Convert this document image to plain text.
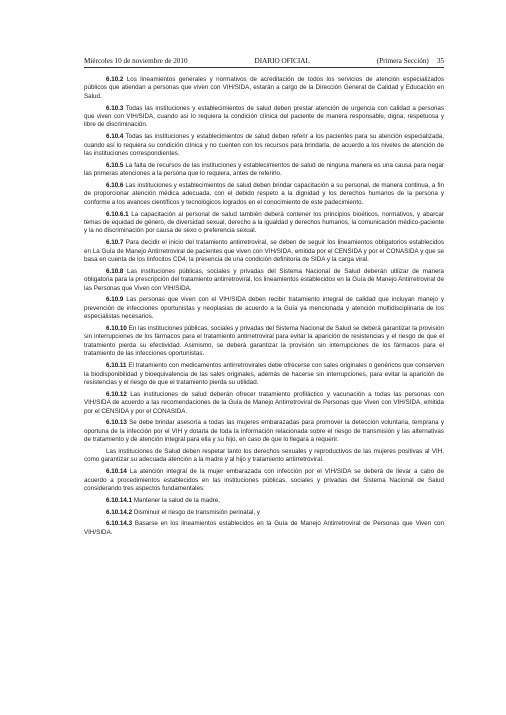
Miércoles 10 de noviembre de 2010	DIARIO OFICIAL	(Primera Sección) 35

6.10.2 Los lineamientos generales y normativos de acreditación de todos los servicios de atención especializados públicos que atiendan a personas que viven con VIH/SIDA, estarán a cargo de la Dirección General de Calidad y Educación en Salud.

6.10.3 Todas las instituciones y establecimientos de salud deben prestar atención de urgencia con calidad a personas que viven con VIH/SIDA, cuando así lo requiera la condición clínica del paciente de manera responsable, digna, respetuosa y libre de discriminación.

6.10.4 Todas las instituciones y establecimientos de salud deben referir a los pacientes para su atención especializada, cuando así lo requiera su condición clínica y no cuenten con los recursos para brindarla, de acuerdo a los niveles de atención de las instituciones correspondientes.

6.10.5 La falta de recursos de las instituciones y establecimientos de salud de ninguna manera es una causa para negar las primeras atenciones a la persona que lo requiera, antes de referirlo.

6.10.6 Las instituciones y establecimientos de salud deben brindar capacitación a su personal, de manera continua, a fin de proporcionar atención médica adecuada, con el debido respeto a la dignidad y los derechos humanos de la persona y conforme a los avances científicos y tecnológicos logrados en el conocimiento de este padecimiento.

6.10.6.1 La capacitación al personal de salud también deberá contener los principios bioéticos, normativos, y abarcar temas de equidad de género, de diversidad sexual, derecho a la igualdad y derechos humanos, la comunicación médico-paciente y la no discriminación por causa de sexo o preferencia sexual.

6.10.7 Para decidir el inicio del tratamiento antirretroviral, se deben de seguir los lineamientos obligatorios establecidos en La Guía de Manejo Antirretroviral de pacientes que viven con VIH/SIDA, emitida por el CENSIDA y por el CONASIDA y que se basa en cuenta de los linfocitos CD4, la presencia de una condición definitoria de SIDA y la carga viral.

6.10.8 Las instituciones públicas, sociales y privadas del Sistema Nacional de Salud deberán utilizar de manera obligatoria para la prescripción del tratamiento antirretroviral, los lineamientos establecidos en la Guía de Manejo Antirretroviral de las Personas que Viven con VIH/SIDA.

6.10.9 Las personas que viven con el VIH/SIDA deben recibir tratamiento integral de calidad que incluyan manejo y prevención de infecciones oportunistas y neoplasias de acuerdo a la Guía ya mencionada y atención multidisciplinaria de los especialistas necesarios.

6.10.10 En las instituciones públicas, sociales y privadas del Sistema Nacional de Salud se deberá garantizar la provisión sin interrupciones de los fármacos para el tratamiento antirretroviral para evitar la aparición de resistencias y el riesgo de que el tratamiento pierda su efectividad. Asimismo, se deberá garantizar la provisión sin interrupciones de los fármacos para el tratamiento de las infecciones oportunistas.

6.10.11 El tratamiento con medicamentos antirretrovirales debe ofrecerse con sales originales o genéricos que conserven la biodisponibilidad y bioequivalencia de las sales originales, además de hacerse sin interrupciones, para evitar la aparición de resistencias y el riesgo de que el tratamiento pierda su utilidad.

6.10.12 Las instituciones de salud deberán ofrecer tratamiento profiláctico y vacunación a todas las personas con VIH/SIDA de acuerdo a las recomendaciones de la Guía de Manejo Antirretroviral de Personas que Viven con VIH/SIDA, emitida por el CENSIDA y por el CONASIDA.

6.10.13 Se debe brindar asesoría a todas las mujeres embarazadas para promover la detección voluntaria, temprana y oportuna de la infección por el VIH y dotarla de toda la información relacionada sobre el riesgo de transmisión y las alternativas de tratamiento y de atención integral para ella y su hijo, en caso de que lo llegara a requerir.

Las instituciones de Salud deben respetar tanto los derechos sexuales y reproductivos de las mujeres positivas al VIH, como garantizar su adecuada atención a la madre y al hijo y tratamiento antirretroviral.

6.10.14 La atención integral de la mujer embarazada con infección por el VIH/SIDA se deberá de llevar a cabo de acuerdo a procedimientos establecidos en las instituciones públicas, sociales y privadas del Sistema Nacional de Salud considerando tres aspectos fundamentales:

6.10.14.1 Mantener la salud de la madre,

6.10.14.2 Disminuir el riesgo de transmisión perinatal, y

6.10.14.3 Basarse en los lineamientos establecidos en la Guía de Manejo Antirretroviral de Personas que Viven con VIH/SIDA.
